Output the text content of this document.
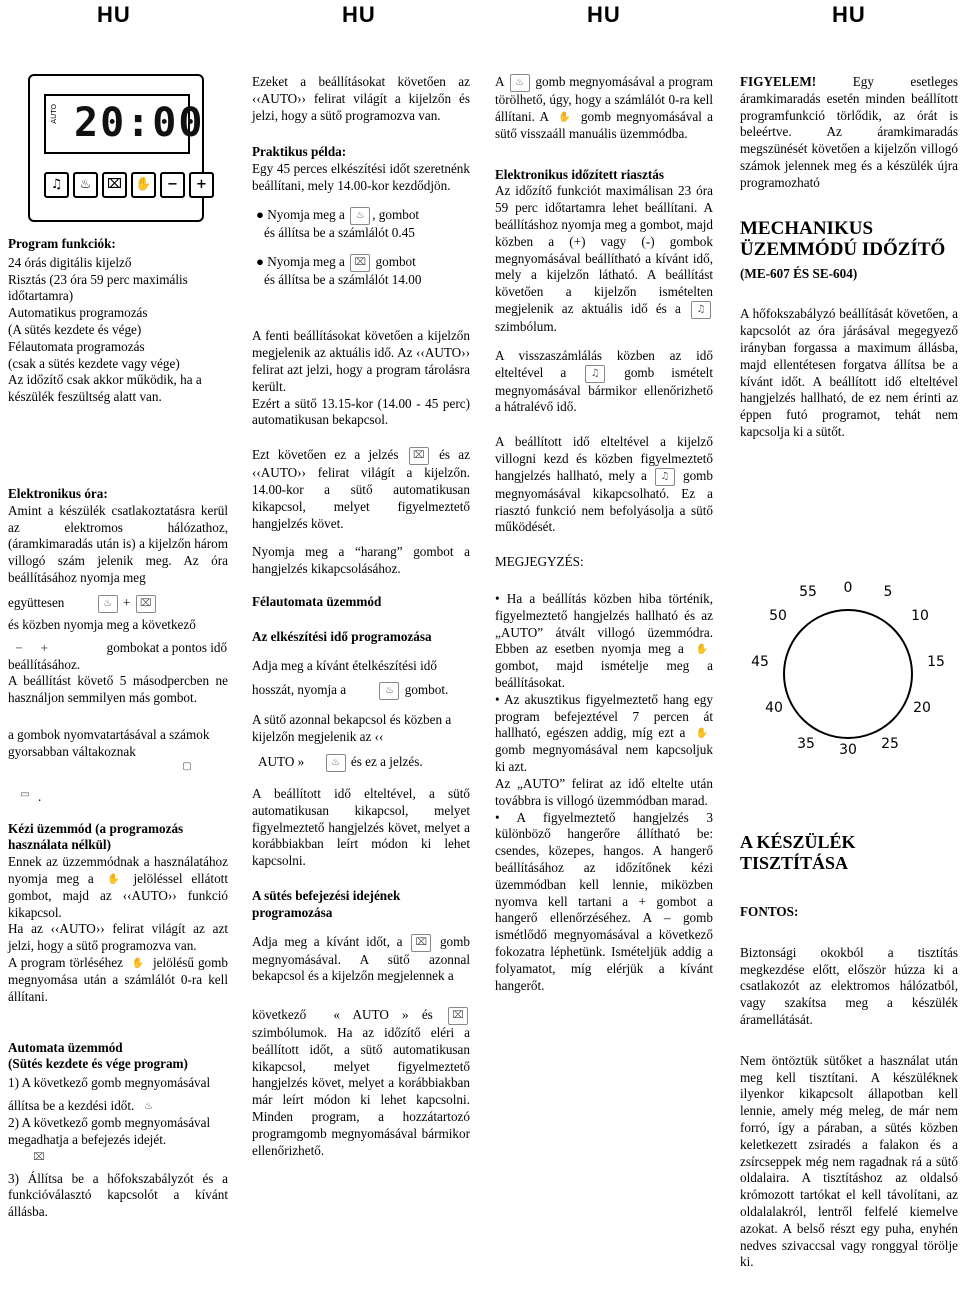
HU	HU	HU	HU
AUTO 20:00
♫	♨	⌧	✋	−	+

Program funkciók:

24 órás digitális kijelző
Risztás (23 óra 59 perc maximális időtartamra)
Automatikus programozás
(A sütés kezdete és vége)
Félautomata programozás
(csak a sütés kezdete vagy vége)
Az időzítő csak akkor működik, ha a készülék feszültség alatt van.
Elektronikus óra:
Amint a készülék csatlakoztatásra kerül az elektromos hálózathoz, (áramkimaradás után is) a kijelzőn három villogó szám jelenik meg. Az óra beállításához nyomja meg
együttesen	♨ + ⌧
és közben nyomja meg a következő
− +	gombokat a pontos idő beállításához.
A beállítást követő 5 másodpercben ne használjon semmilyen más gombot.
a gombok nyomvatartásával a számok gyorsabban váltakoznak
▢
▭ .
Kézi üzemmód (a programozás használata nélkül)
Ennek az üzzemmódnak a használatához nyomja meg a ✋ jelöléssel ellátott gombot, majd az ‹‹AUTO›› funkció kikapcsol.
Ha az ‹‹AUTO›› felirat világít az azt jelzi, hogy a sütő programozva van.
A program törléséhez ✋ jelölésű gomb megnyomása után a számlálót 0-ra kell állítani.
Automata üzemmód
(Sütés kezdete és vége program)
1) A következő gomb megnyomásával
állítsa be a kezdési időt. ♨
2) A következő gomb megnyomásával megadhatja a befejezés idejét.
⌧
3) Állítsa be a hőfokszabályzót és a funkcióválasztó kapcsolót a kívánt állásba.

Ezeket a beállításokat követően az ‹‹AUTO›› felirat világít a kijelzőn és jelzi, hogy a sütő programozva van.

Praktikus példa:

Egy 45 perces elkészítési időt szeretnénk beállítani, mely 14.00-kor kezdődjön.

● Nyomja meg a ♨ , gombot
és állítsa be a számlálót 0.45
● Nyomja meg a ⌧ gombot
és állítsa be a számlálót 14.00
A fenti beállításokat követően a kijelzőn megjelenik az aktuális idő. Az ‹‹AUTO›› felirat azt jelzi, hogy a program tárolásra került.

Ezért a sütő 13.15-kor (14.00 - 45 perc) automatikusan bekapcsol.

Ezt követően ez a jelzés ⌧ és az ‹‹AUTO›› felirat világít a kijelzőn. 14.00-kor a sütő automatikusan kikapcsol, melyet figyelmeztető hangjelzés követ.

Nyomja meg a “harang” gombot a hangjelzés kikapcsolásához.

Félautomata üzemmód

Az elkészítési idő programozása

Adja meg a kívánt ételkészítési idő

hosszát, nyomja a	♨ gombot.

A sütő azonnal bekapcsol és közben a kijelzőn megjelenik az ‹‹

AUTO »	♨ és ez a jelzés.

A beállított idő elteltével, a sütő automatikusan kikapcsol, melyet figyelmeztető hangjelzés követ, melyet a korábbiakban leírt módon ki lehet kapcsolni.

A sütés befejezési idejének programozása

Adja meg a kívánt időt, a ⌧ gomb megnyomásával. A sütő azonnal bekapcsol és a kijelzőn megjelennek a

következő « AUTO » és ⌧ szimbólumok. Ha az időzítő eléri a beállított időt, a sütő automatikusan kikapcsol, melyet figyelmeztető hangjelzés követ, melyet a korábbiakban már leírt módon ki lehet kapcsolni. Minden program, a hozzátartozó programgomb megnyomásával bármikor ellenőrizhető.

A ♨ gomb megnyomásával a program törölhető, úgy, hogy a számlálót 0-ra kell állítani. A ✋ gomb megnyomásával a sütő visszaáll manuális üzemmódba.

Elektronikus időzített riasztás

Az időzítő funkciót maximálisan 23 óra 59 perc időtartamra lehet beállítani. A beállításhoz nyomja meg a gombot, majd közben a (+) vagy (-) gombok megnyomásával beállítható a kívánt idő, mely a kijelzőn látható. A beállítást követően a kijelzőn ismételten megjelenik az aktuális idő és a ♫ szimbólum.

A visszaszámlálás közben az idő elteltével a ♫ gomb ismételt megnyomásával bármikor ellenőrizhető a hátralévő idő.

A beállított idő elteltével a kijelző villogni kezd és közben figyelmeztető hangjelzés hallható, mely a ♫ gomb megnyomásával kikapcsolható. Ez a riasztó funkció nem befolyásolja a sütő működését.

MEGJEGYZÉS:

• Ha a beállítás közben hiba történik, figyelmeztető hangjelzés hallható és az „AUTO” átvált villogó üzemmódra. Ebben az esetben nyomja meg a ✋ gombot, majd ismételje meg a beállításokat.
• Az akusztikus figyelmeztető hang egy program befejeztével 7 percen át hallható, egészen addig, míg ezt a ✋ gomb megnyomásával nem kapcsoljuk ki azt.
Az „AUTO” felirat az idő eltelte után továbbra is villogó üzemmódban marad.
• A figyelmeztető hangjelzés 3 különböző hangerőre állítható be: csendes, közepes, hangos. A hangerő beállításához az időzítőnek kézi üzemmódban kell lennie, miközben nyomva kell tartani a + gombot a hangerő ellenőrzéséhez. A – gomb ismétlődő megnyomásával a következő fokozatra léphetünk. Ismételjük addig a folyamatot, míg elérjük a kívánt hangerőt.

FIGYELEM!	Egy esetleges áramkimaradás esetén minden beállított programfunkció törlődik, az órát is beleértve. Az áramkimaradás megszünését követően a kijelzőn villogó számok jelennek meg és a készülék újra programozható

MECHANIKUS ÜZEMMÓDÚ IDŐZÍTŐ

(ME-607 ÉS SE-604)

A hőfokszabályzó beállítását követően, a kapcsolót az óra járásával megegyező irányban forgassa a maximum állásba, majd ellentétesen forgatva állítsa be a kívánt időt. A beállított idő elteltével hangjelzés hallható, de ez nem érinti az éppen futó programot, tehát nem kapcsolja ki a sütőt.

55 0 5
50	10
45	15
40	20
35 30 25
A KÉSZÜLÉK TISZTÍTÁSA

FONTOS:

Biztonsági okokból a tisztítás megkezdése előtt, először húzza ki a csatlakozót az elektromos hálózatból, vagy szakítsa meg a készülék áramellátását.

Nem öntöztük sütőket a használat után meg kell tisztítani. A készüléknek ilyenkor kikapcsolt állapotban kell lennie, amely még meleg, de már nem forró, így a páraban, a sütés közben keletkezett zsiradés a falakon és a zsírcseppek még nem ragadnak rá a sütő oldalaira. A tisztításhoz az oldalsó krómozott tartókat el kell távolítani, az oldalalakról, lentről felfelé kiemelve azokat. A belső részt egy puha, enyhén nedves szivaccsal vagy ronggyal törölje ki.
